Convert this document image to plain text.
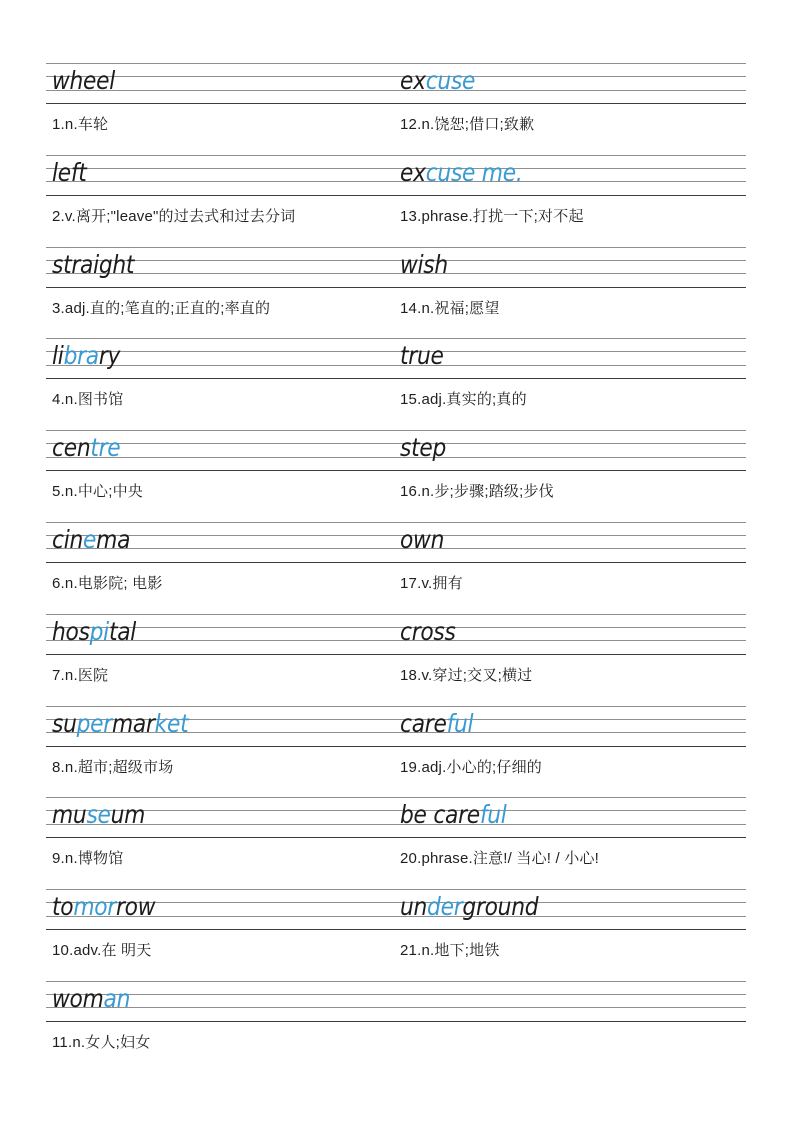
wheel	excuse
1.n.车轮	12.n.饶恕;借口;致歉
left	excuse me.
2.v.离开;"leave"的过去式和过去分词	13.phrase.打扰一下;对不起
straight	wish
3.adj.直的;笔直的;正直的;率直的	14.n.祝福;愿望
library	true
4.n.图书馆	15.adj.真实的;真的
centre	step
5.n.中心;中央	16.n.步;步骤;踏级;步伐
cinema	own
6.n.电影院; 电影	17.v.拥有
hospital	cross
7.n.医院	18.v.穿过;交叉;横过
supermarket	careful
8.n.超市;超级市场	19.adj.小心的;仔细的
museum	be careful
9.n.博物馆	20.phrase.注意!/ 当心! / 小心!
tomorrow	underground
10.adv.在 明天	21.n.地下;地铁
woman
11.n.女人;妇女
